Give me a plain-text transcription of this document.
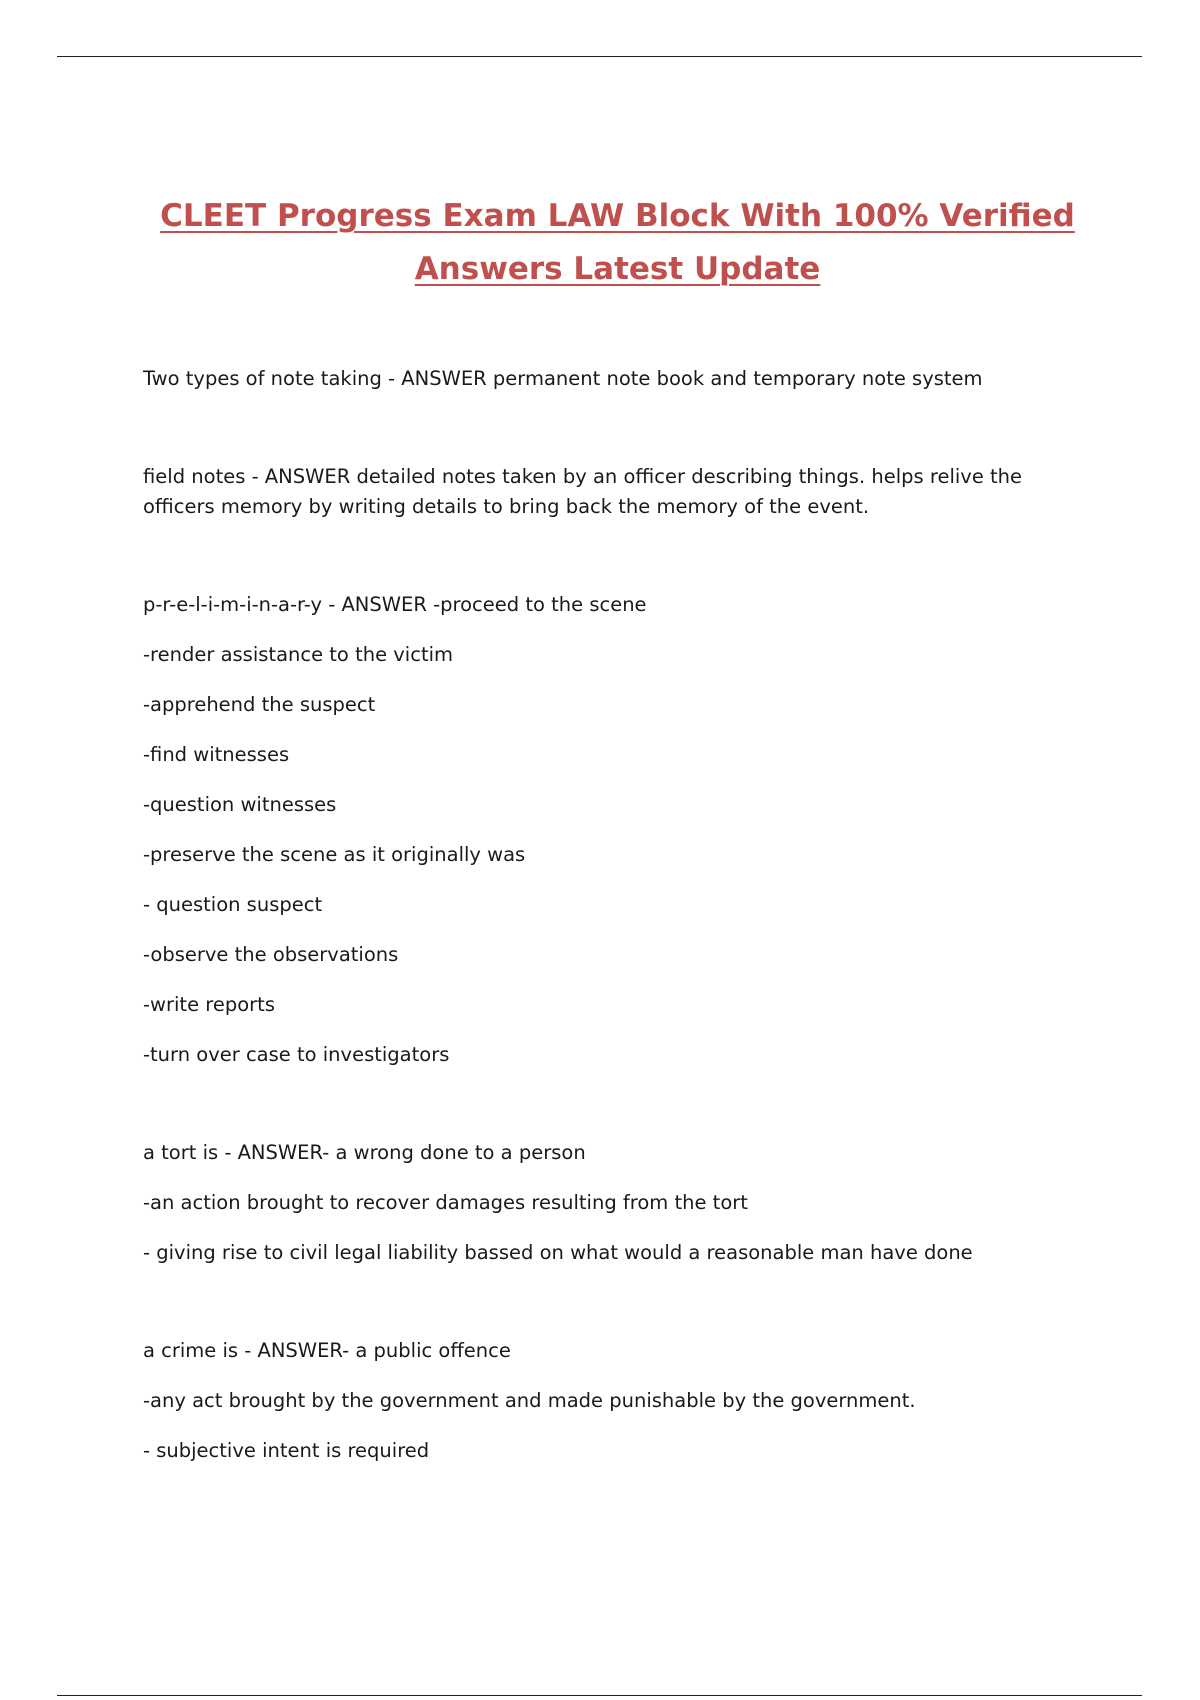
CLEET Progress Exam LAW Block With 100% Verified Answers Latest Update

Two types of note taking - ANSWER permanent note book and temporary note system

field notes - ANSWER detailed notes taken by an officer describing things. helps relive the officers memory by writing details to bring back the memory of the event.

p-r-e-l-i-m-i-n-a-r-y - ANSWER -proceed to the scene

-render assistance to the victim

-apprehend the suspect

-find witnesses

-question witnesses

-preserve the scene as it originally was

- question suspect

-observe the observations

-write reports

-turn over case to investigators

a tort is - ANSWER- a wrong done to a person

-an action brought to recover damages resulting from the tort

- giving rise to civil legal liability bassed on what would a reasonable man have done

a crime is - ANSWER- a public offence

-any act brought by the government and made punishable by the government.

- subjective intent is required
